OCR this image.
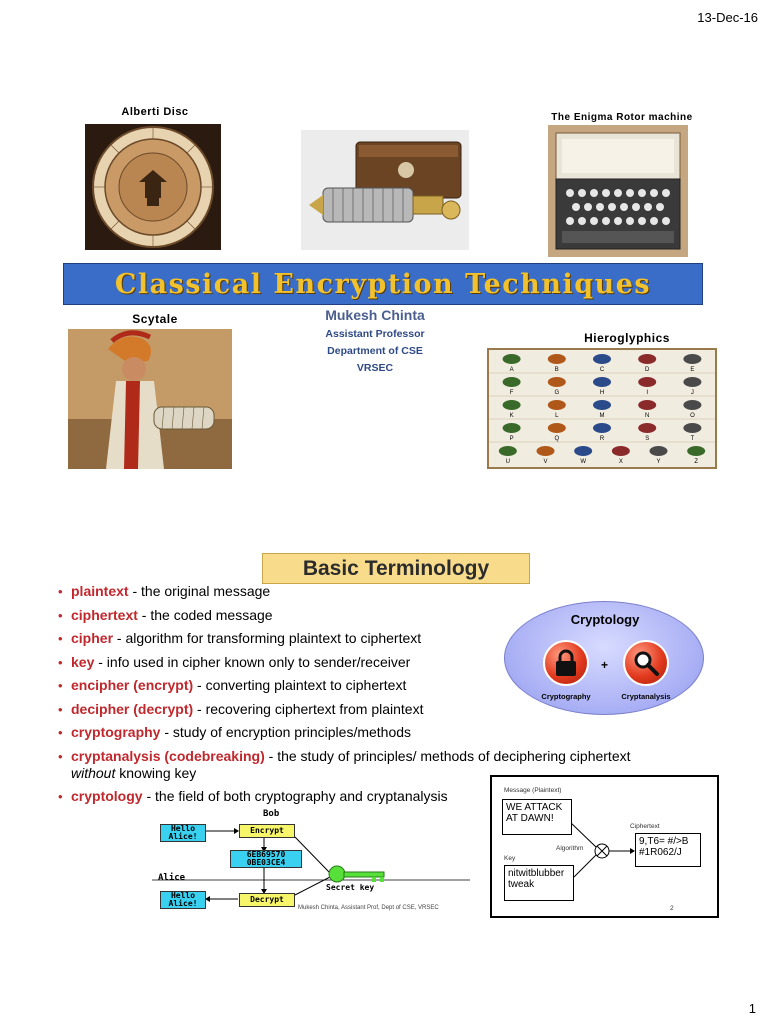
13-Dec-16
Alberti Disc	The Enigma Rotor machine
Classical Encryption Techniques
Scytale	Mukesh Chinta
Assistant Professor
Department of CSE
VRSEC
Hieroglyphics
A	B	C	D	E
F	G	H	I	J
K	L	M	N	O
P	Q	R	S	T
U	V	W	X	Y	Z
Basic Terminology
• plaintext - the original message
• ciphertext - the coded message
• cipher - algorithm for transforming plaintext to ciphertext
• key - info used in cipher known only to sender/receiver
• encipher (encrypt) - converting plaintext to ciphertext
• decipher (decrypt) - recovering ciphertext from plaintext
• cryptography - study of encryption principles/methods
• cryptanalysis (codebreaking) - the study of principles/ methods of deciphering ciphertext
without knowing key
• cryptology - the field of both cryptography and cryptanalysis
Cryptology
+
Cryptography	Cryptanalysis
Message (Plaintext)
WE ATTACK AT DAWN!
Algorithm
Key
nitwitblubber tweak
Ciphertext
9,T6= #/>B #1R062/J
2
Bob
Hello Alice!
Encrypt
6EB69570 0BE03CE4
Alice
Hello Alice!	Decrypt
Secret key
Mukesh Chinta, Assistant Prof, Dept of CSE, VRSEC
1
